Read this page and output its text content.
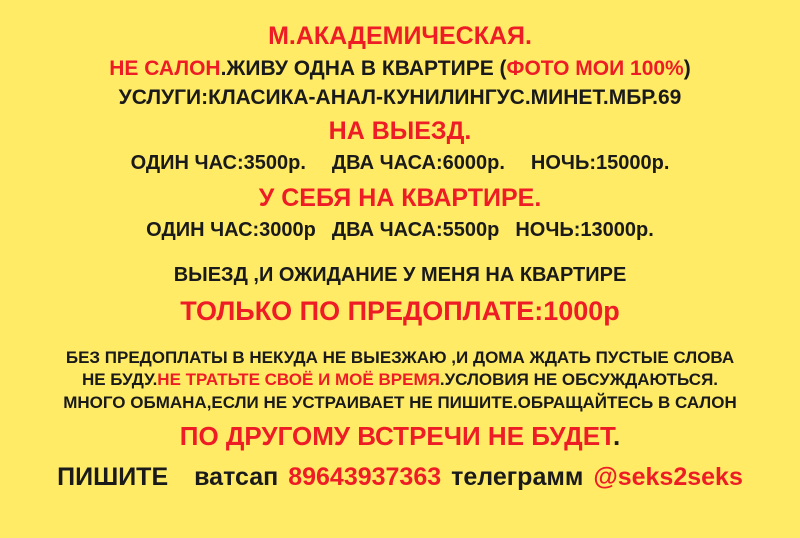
М.АКАДЕМИЧЕСКАЯ.
НЕ САЛОН.ЖИВУ ОДНА В КВАРТИРЕ (ФОТО МОИ 100%)
УСЛУГИ:КЛАСИКА-АНАЛ-КУНИЛИНГУС.МИНЕТ.МБР.69
НА ВЫЕЗД.
ОДИН ЧАС:3500р. ДВА ЧАСА:6000р. НОЧЬ:15000р.
У СЕБЯ НА КВАРТИРЕ.
ОДИН ЧАС:3000р ДВА ЧАСА:5500р НОЧЬ:13000р.
ВЫЕЗД ,И ОЖИДАНИЕ У МЕНЯ НА КВАРТИРЕ
ТОЛЬКО ПО ПРЕДОПЛАТЕ:1000р
БЕЗ ПРЕДОПЛАТЫ В НЕКУДА НЕ ВЫЕЗЖАЮ ,И ДОМА ЖДАТЬ ПУСТЫЕ СЛОВА
НЕ БУДУ.НЕ ТРАТЬТЕ СВОЁ И МОЁ ВРЕМЯ.УСЛОВИЯ НЕ ОБСУЖДАЮТЬСЯ.
МНОГО ОБМАНА,ЕСЛИ НЕ УСТРАИВАЕТ НЕ ПИШИТЕ.ОБРАЩАЙТЕСЬ В САЛОН
ПО ДРУГОМУ ВСТРЕЧИ НЕ БУДЕТ.
ПИШИТЕ ватсап 89643937363 телеграмм @seks2seks
